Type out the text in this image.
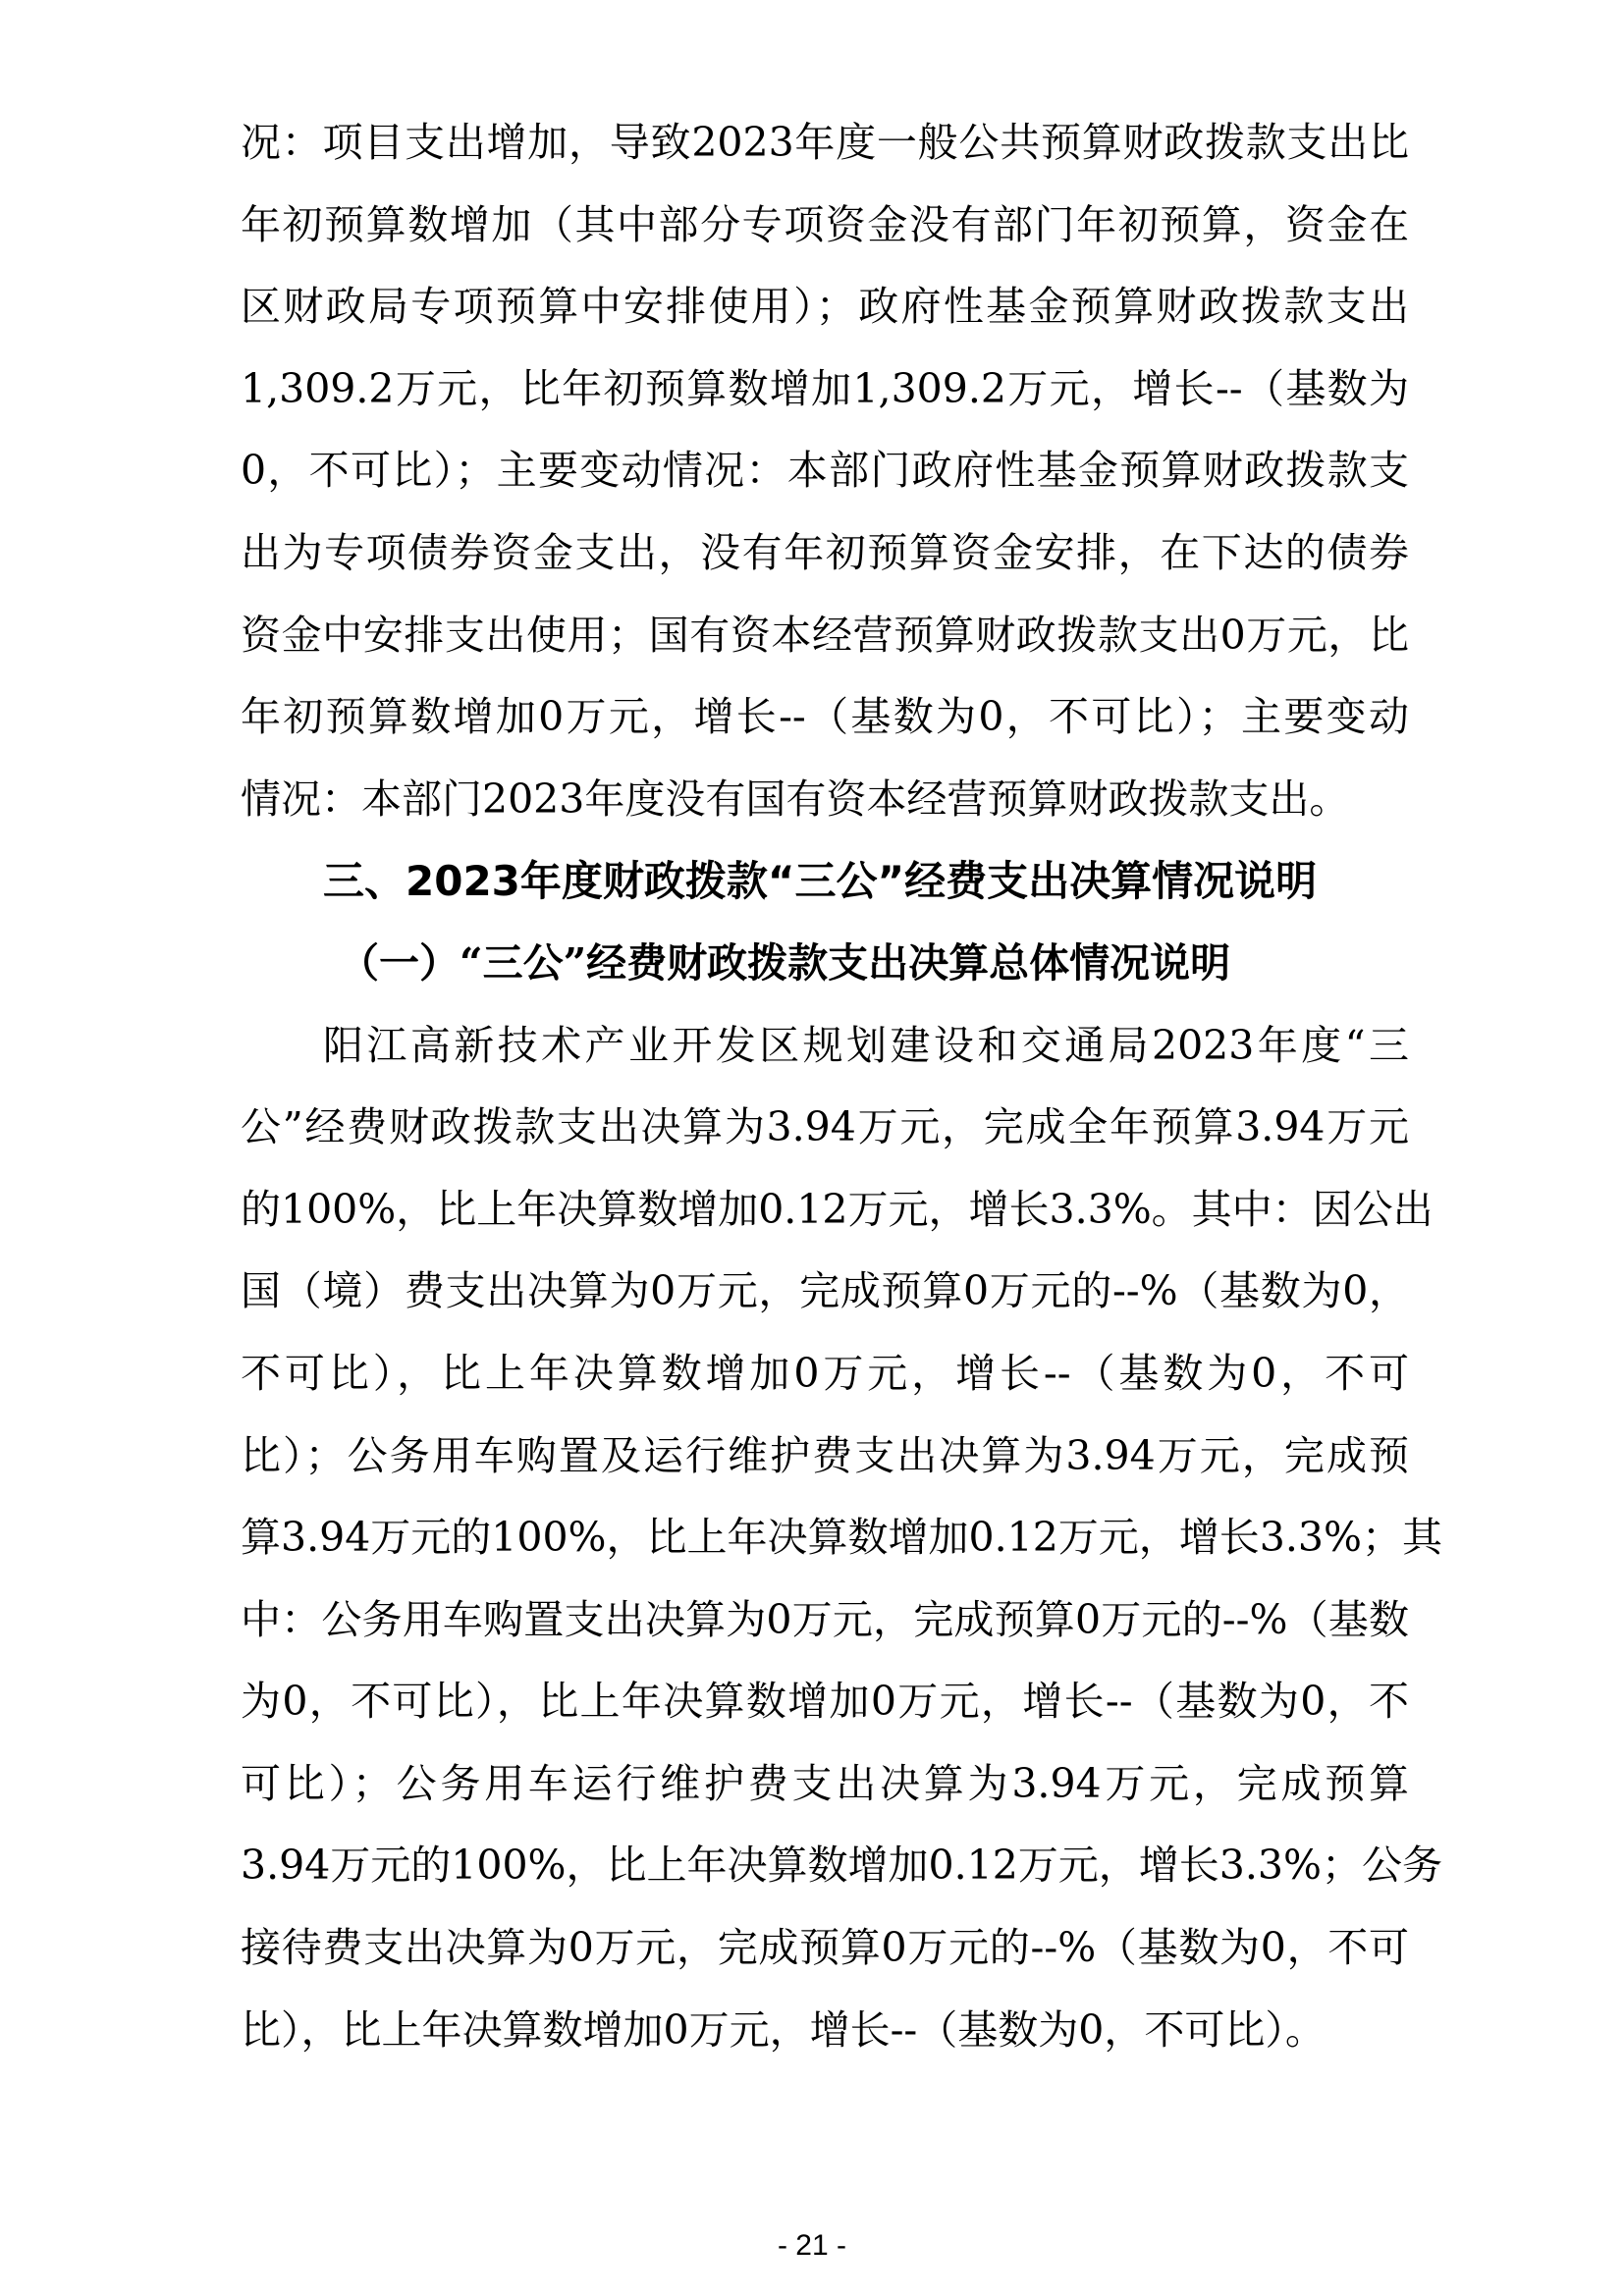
况：项目支出增加，导致2023年度一般公共预算财政拨款支出比
年初预算数增加（其中部分专项资金没有部门年初预算，资金在
区财政局专项预算中安排使用）；政府性基金预算财政拨款支出
1,309.2万元，比年初预算数增加1,309.2万元，增长--（基数为
0，不可比）；主要变动情况：本部门政府性基金预算财政拨款支
出为专项债券资金支出，没有年初预算资金安排，在下达的债券
资金中安排支出使用；国有资本经营预算财政拨款支出0万元，比
年初预算数增加0万元，增长--（基数为0，不可比）；主要变动
情况：本部门2023年度没有国有资本经营预算财政拨款支出。
三、2023年度财政拨款“三公”经费支出决算情况说明
（一）“三公”经费财政拨款支出决算总体情况说明
阳江高新技术产业开发区规划建设和交通局2023年度“三
公”经费财政拨款支出决算为3.94万元，完成全年预算3.94万元
的100%，比上年决算数增加0.12万元，增长3.3%。其中：因公出
国（境）费支出决算为0万元，完成预算0万元的--%（基数为0，
不可比），比上年决算数增加0万元，增长--（基数为0，不可
比）；公务用车购置及运行维护费支出决算为3.94万元，完成预
算3.94万元的100%，比上年决算数增加0.12万元，增长3.3%；其
中：公务用车购置支出决算为0万元，完成预算0万元的--%（基数
为0，不可比），比上年决算数增加0万元，增长--（基数为0，不
可比）；公务用车运行维护费支出决算为3.94万元，完成预算
3.94万元的100%，比上年决算数增加0.12万元，增长3.3%；公务
接待费支出决算为0万元，完成预算0万元的--%（基数为0，不可
比），比上年决算数增加0万元，增长--（基数为0，不可比）。
- 21 -
